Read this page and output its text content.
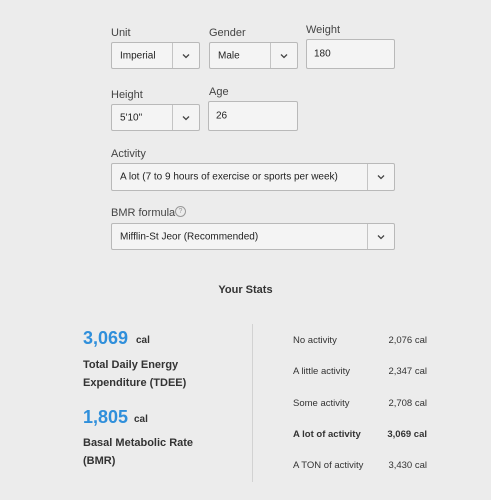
Unit
Imperial
Gender
Male
Weight
180
Height
5'10"
Age
26
Activity
A lot (7 to 9 hours of exercise or sports per week)
BMR formula ?
Mifflin-St Jeor (Recommended)
Your Stats
3,069 cal
Total Daily Energy Expenditure (TDEE)
1,805 cal
Basal Metabolic Rate (BMR)
No activity	2,076 cal
A little activity	2,347 cal
Some activity	2,708 cal
A lot of activity	3,069 cal
A TON of activity	3,430 cal
